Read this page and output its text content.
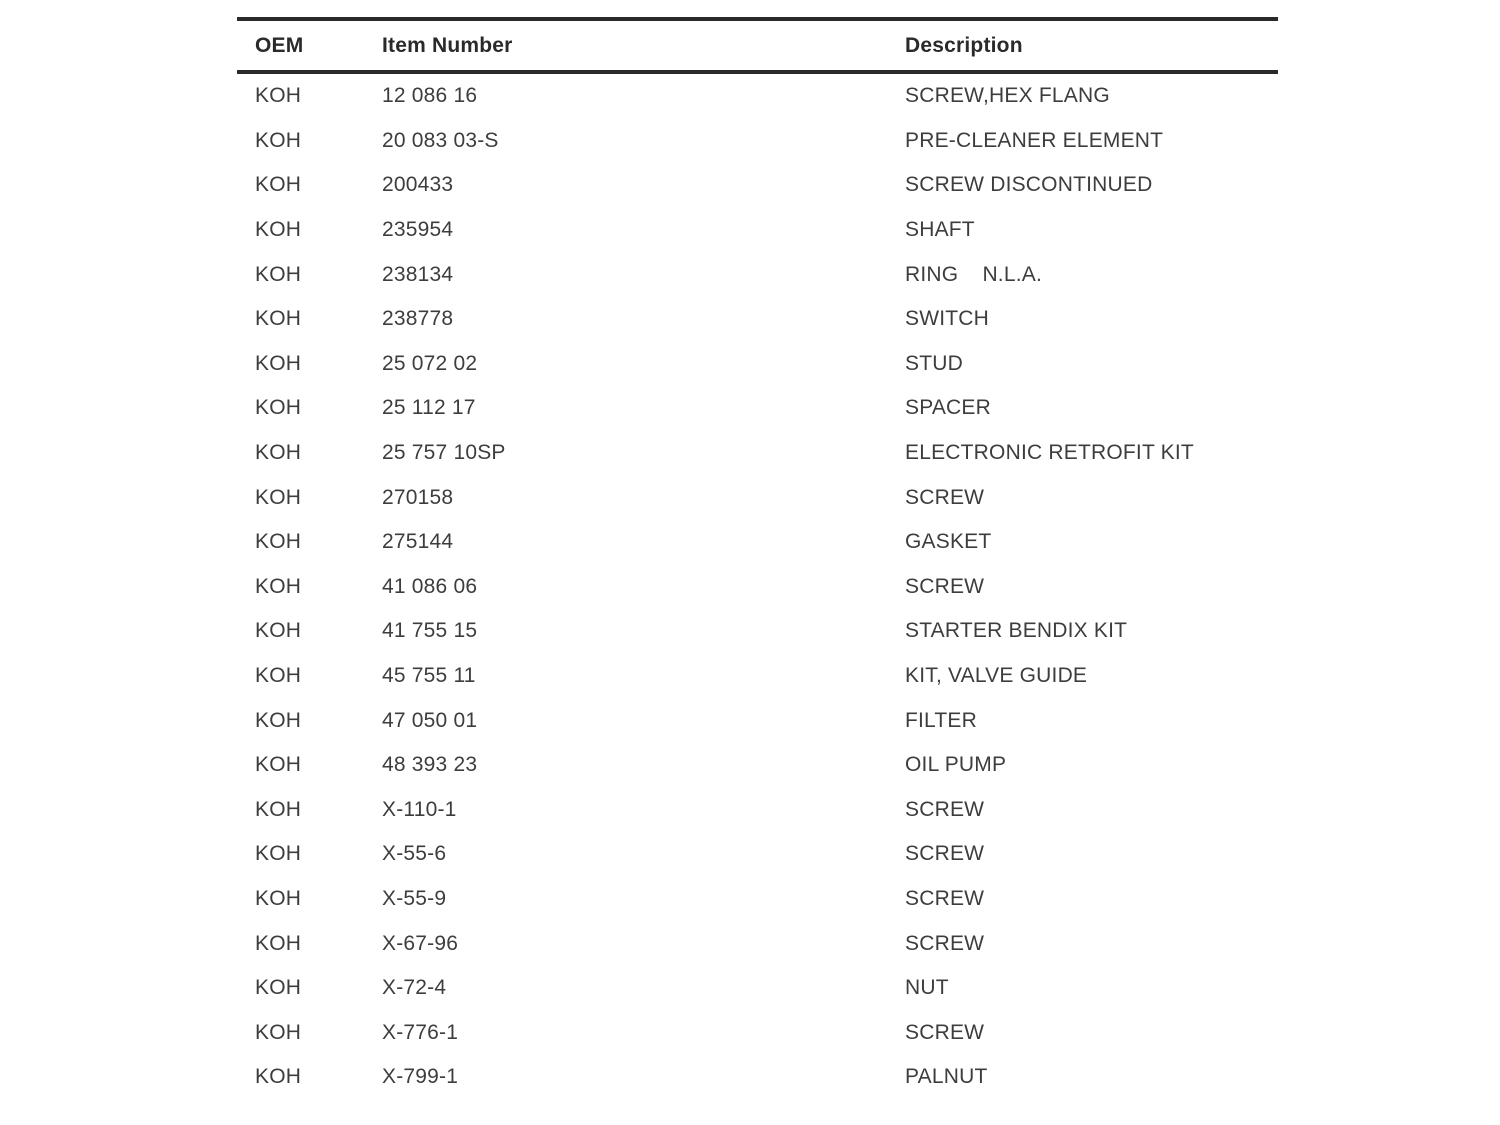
OEM	Item Number	Description
KOH	12 086 16	SCREW,HEX FLANG
KOH	20 083 03-S	PRE-CLEANER ELEMENT
KOH	200433	SCREW DISCONTINUED
KOH	235954	SHAFT
KOH	238134	RING    N.L.A.
KOH	238778	SWITCH
KOH	25 072 02	STUD
KOH	25 112 17	SPACER
KOH	25 757 10SP	ELECTRONIC RETROFIT KIT
KOH	270158	SCREW
KOH	275144	GASKET
KOH	41 086 06	SCREW
KOH	41 755 15	STARTER BENDIX KIT
KOH	45 755 11	KIT, VALVE GUIDE
KOH	47 050 01	FILTER
KOH	48 393 23	OIL PUMP
KOH	X-110-1	SCREW
KOH	X-55-6	SCREW
KOH	X-55-9	SCREW
KOH	X-67-96	SCREW
KOH	X-72-4	NUT
KOH	X-776-1	SCREW
KOH	X-799-1	PALNUT
